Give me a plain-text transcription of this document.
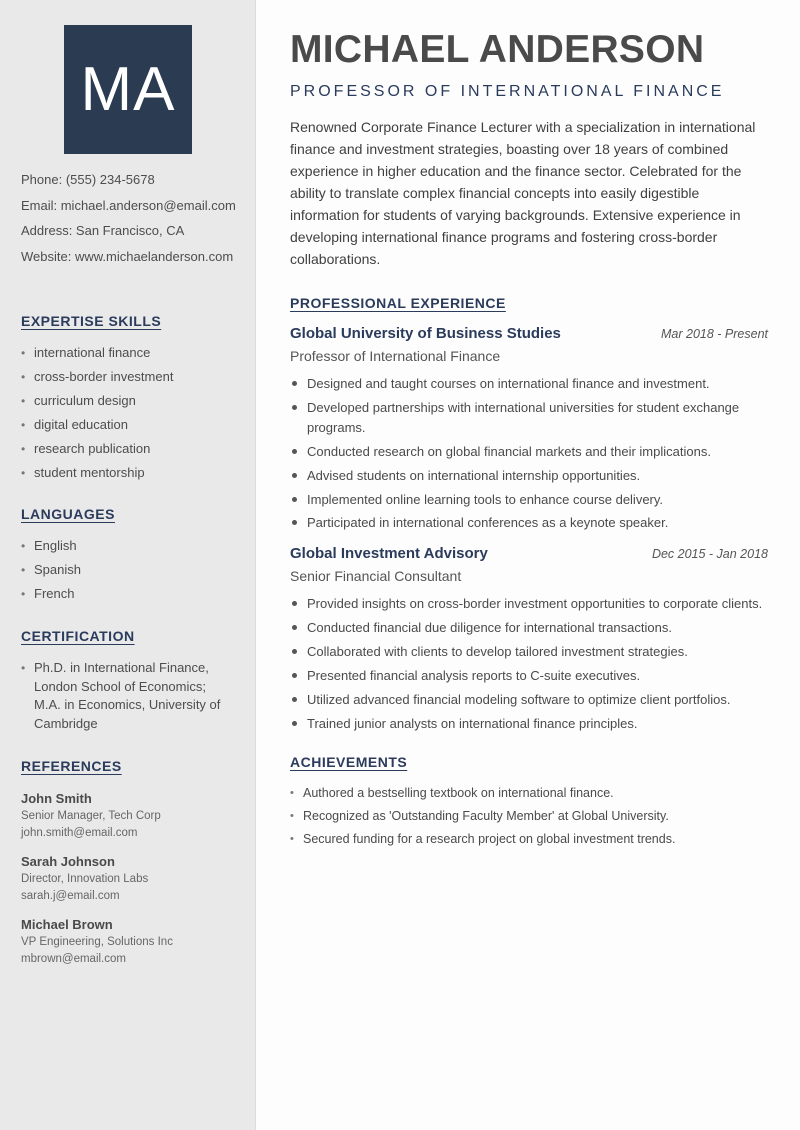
MA
Phone: (555) 234-5678
Email: michael.anderson@email.com
Address: San Francisco, CA
Website: www.michaelanderson.com
EXPERTISE SKILLS
• international finance
• cross-border investment
• curriculum design
• digital education
• research publication
• student mentorship
LANGUAGES
• English
• Spanish
• French
CERTIFICATION
• Ph.D. in International Finance, London School of Economics; M.A. in Economics, University of Cambridge
REFERENCES
John Smith
Senior Manager, Tech Corp
john.smith@email.com
Sarah Johnson
Director, Innovation Labs
sarah.j@email.com
Michael Brown
VP Engineering, Solutions Inc
mbrown@email.com
MICHAEL ANDERSON
PROFESSOR OF INTERNATIONAL FINANCE

Renowned Corporate Finance Lecturer with a specialization in international finance and investment strategies, boasting over 18 years of combined experience in higher education and the finance sector. Celebrated for the ability to translate complex financial concepts into easily digestible information for students of varying backgrounds. Extensive experience in developing international finance programs and fostering cross-border collaborations.

PROFESSIONAL EXPERIENCE
Global University of Business Studies	Mar 2018 - Present
Professor of International Finance
Designed and taught courses on international finance and investment.
Developed partnerships with international universities for student exchange programs.
Conducted research on global financial markets and their implications.
Advised students on international internship opportunities.
Implemented online learning tools to enhance course delivery.
Participated in international conferences as a keynote speaker.
Global Investment Advisory	Dec 2015 - Jan 2018
Senior Financial Consultant
Provided insights on cross-border investment opportunities to corporate clients.
Conducted financial due diligence for international transactions.
Collaborated with clients to develop tailored investment strategies.
Presented financial analysis reports to C-suite executives.
Utilized advanced financial modeling software to optimize client portfolios.
Trained junior analysts on international finance principles.
ACHIEVEMENTS
• Authored a bestselling textbook on international finance.
• Recognized as 'Outstanding Faculty Member' at Global University.
• Secured funding for a research project on global investment trends.
